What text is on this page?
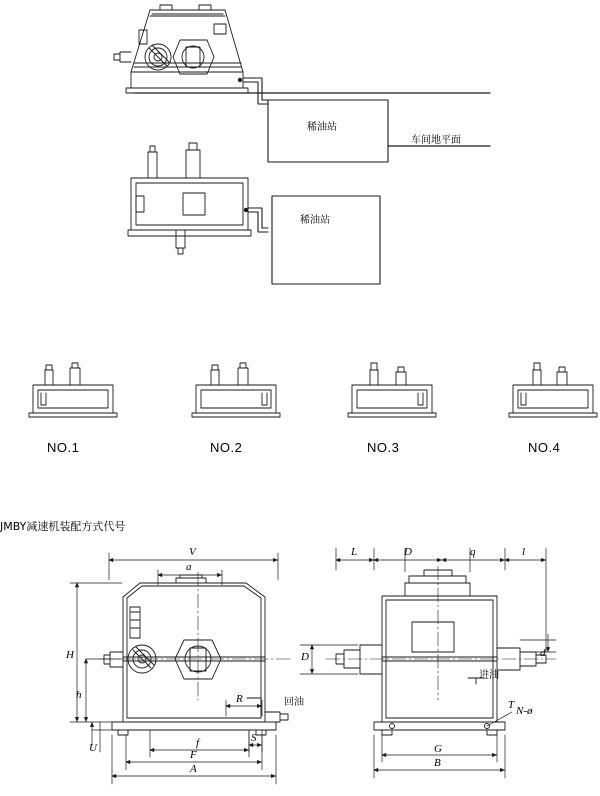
稀油站
车间地平面
稀油站
NO.1	NO.2	NO.3	NO.4
JMBY减速机装配方式代号
V
a
H
h
U
R
f	S
F
A
回油
L	D	q	l
D	d
T N-ø
G
B
进油
